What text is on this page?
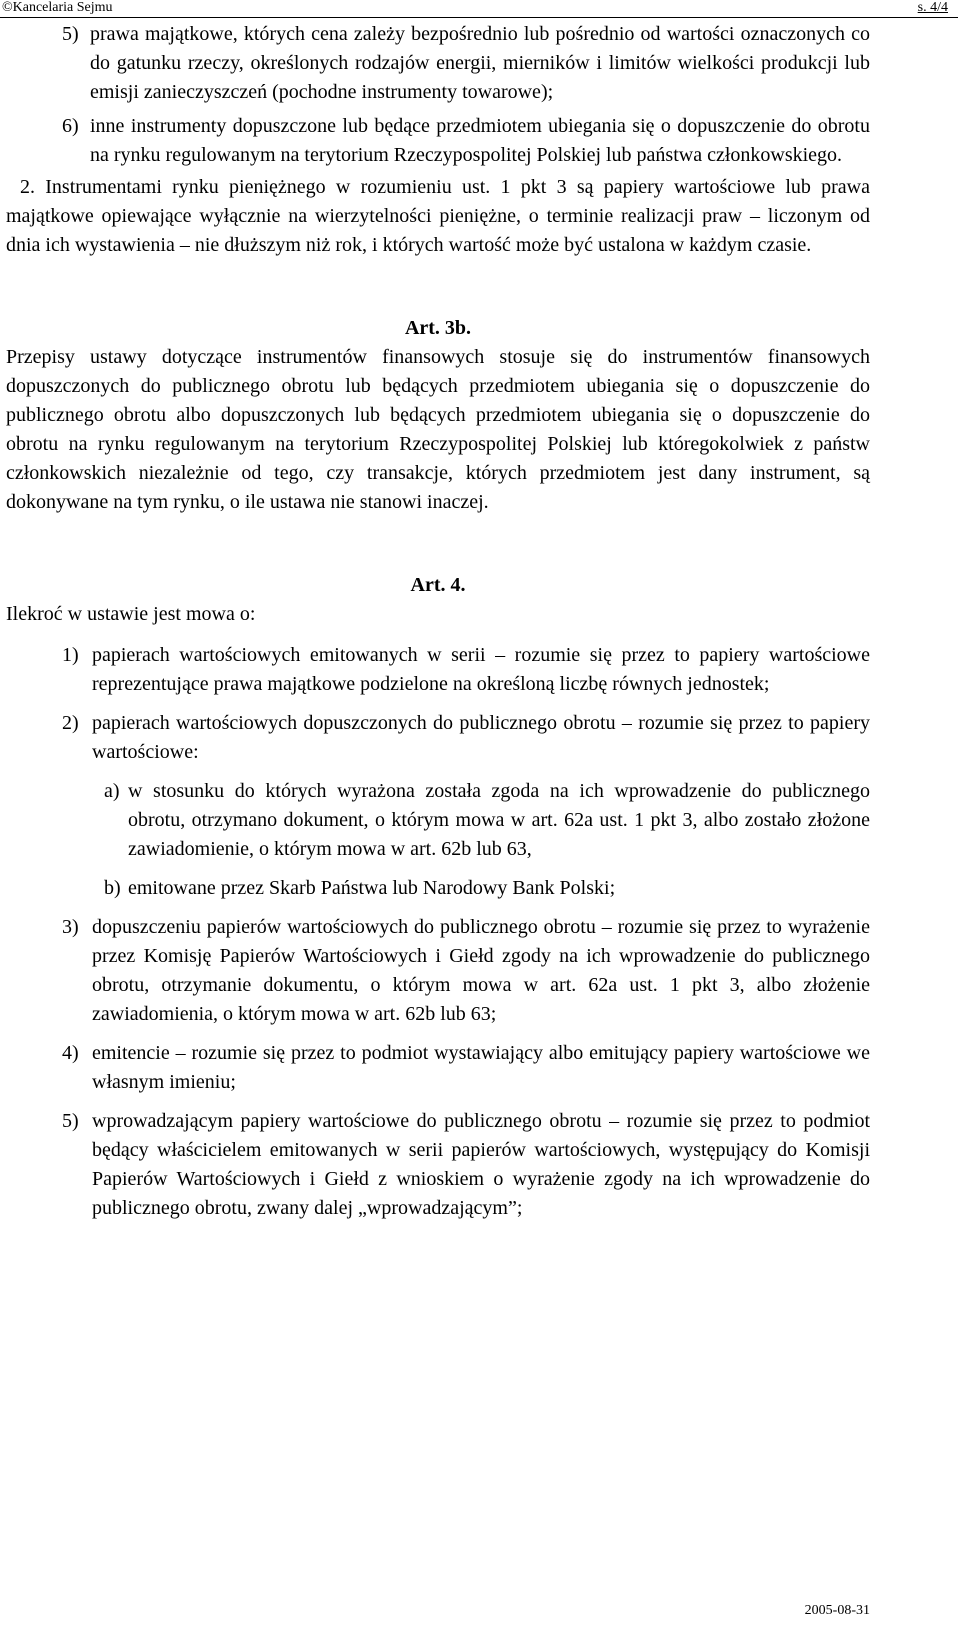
©Kancelaria Sejmu	s. 4/4
5) prawa majątkowe, których cena zależy bezpośrednio lub pośrednio od wartości oznaczonych co do gatunku rzeczy, określonych rodzajów energii, mierników i limitów wielkości produkcji lub emisji zanieczyszczeń (pochodne instrumenty towarowe);
6) inne instrumenty dopuszczone lub będące przedmiotem ubiegania się o dopuszczenie do obrotu na rynku regulowanym na terytorium Rzeczypospolitej Polskiej lub państwa członkowskiego.

2. Instrumentami rynku pieniężnego w rozumieniu ust. 1 pkt 3 są papiery wartościowe lub prawa majątkowe opiewające wyłącznie na wierzytelności pieniężne, o terminie realizacji praw – liczonym od dnia ich wystawienia – nie dłuższym niż rok, i których wartość może być ustalona w każdym czasie.

Art. 3b.

Przepisy ustawy dotyczące instrumentów finansowych stosuje się do instrumentów finansowych dopuszczonych do publicznego obrotu lub będących przedmiotem ubiegania się o dopuszczenie do publicznego obrotu albo dopuszczonych lub będących przedmiotem ubiegania się o dopuszczenie do obrotu na rynku regulowanym na terytorium Rzeczypospolitej Polskiej lub któregokolwiek z państw członkowskich niezależnie od tego, czy transakcje, których przedmiotem jest dany instrument, są dokonywane na tym rynku, o ile ustawa nie stanowi inaczej.

Art. 4.

Ilekroć w ustawie jest mowa o:

1) papierach wartościowych emitowanych w serii – rozumie się przez to papiery wartościowe reprezentujące prawa majątkowe podzielone na określoną liczbę równych jednostek;
2) papierach wartościowych dopuszczonych do publicznego obrotu – rozumie się przez to papiery wartościowe:
a) w stosunku do których wyrażona została zgoda na ich wprowadzenie do publicznego obrotu, otrzymano dokument, o którym mowa w art. 62a ust. 1 pkt 3, albo zostało złożone zawiadomienie, o którym mowa w art. 62b lub 63,
b) emitowane przez Skarb Państwa lub Narodowy Bank Polski;
3) dopuszczeniu papierów wartościowych do publicznego obrotu – rozumie się przez to wyrażenie przez Komisję Papierów Wartościowych i Giełd zgody na ich wprowadzenie do publicznego obrotu, otrzymanie dokumentu, o którym mowa w art. 62a ust. 1 pkt 3, albo złożenie zawiadomienia, o którym mowa w art. 62b lub 63;
4) emitencie – rozumie się przez to podmiot wystawiający albo emitujący papiery wartościowe we własnym imieniu;
5) wprowadzającym papiery wartościowe do publicznego obrotu – rozumie się przez to podmiot będący właścicielem emitowanych w serii papierów wartościowych, występujący do Komisji Papierów Wartościowych i Giełd z wnioskiem o wyrażenie zgody na ich wprowadzenie do publicznego obrotu, zwany dalej „wprowadzającym”;
2005-08-31
